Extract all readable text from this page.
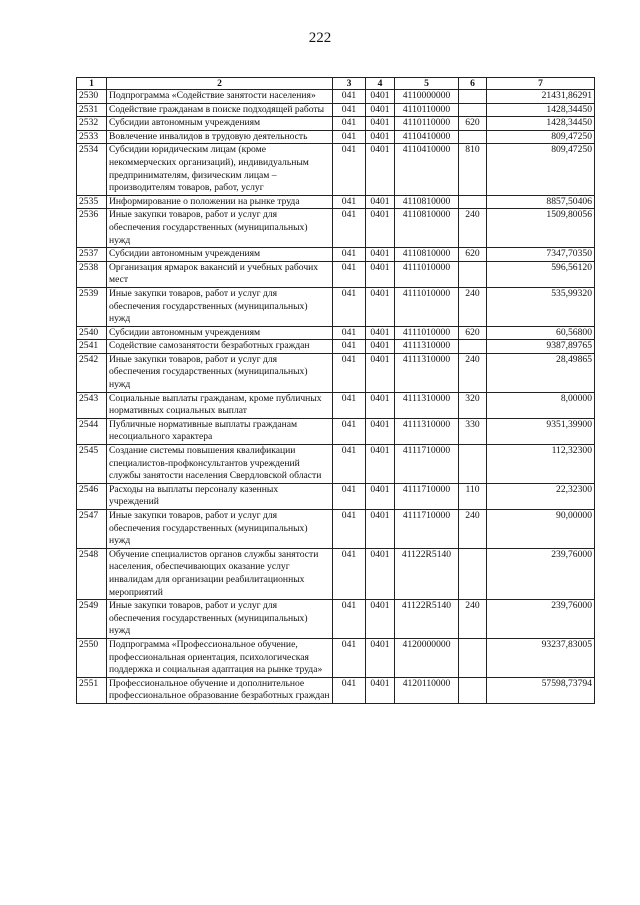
222
1	2	3	4	5	6	7
2530	Подпрограмма «Содействие занятости населения»	041	0401	4110000000		21431,86291
2531	Содействие гражданам в поиске подходящей работы	041	0401	4110110000		1428,34450
2532	Субсидии автономным учреждениям	041	0401	4110110000	620	1428,34450
2533	Вовлечение инвалидов в трудовую деятельность	041	0401	4110410000		809,47250
2534	Субсидии юридическим лицам (кроме некоммерческих организаций), индивидуальным предпринимателям, физическим лицам – производителям товаров, работ, услуг	041	0401	4110410000	810	809,47250
2535	Информирование о положении на рынке труда	041	0401	4110810000		8857,50406
2536	Иные закупки товаров, работ и услуг для обеспечения государственных (муниципальных) нужд	041	0401	4110810000	240	1509,80056
2537	Субсидии автономным учреждениям	041	0401	4110810000	620	7347,70350
2538	Организация ярмарок вакансий и учебных рабочих мест	041	0401	4111010000		596,56120
2539	Иные закупки товаров, работ и услуг для обеспечения государственных (муниципальных) нужд	041	0401	4111010000	240	535,99320
2540	Субсидии автономным учреждениям	041	0401	4111010000	620	60,56800
2541	Содействие самозанятости безработных граждан	041	0401	4111310000		9387,89765
2542	Иные закупки товаров, работ и услуг для обеспечения государственных (муниципальных) нужд	041	0401	4111310000	240	28,49865
2543	Социальные выплаты гражданам, кроме публичных нормативных социальных выплат	041	0401	4111310000	320	8,00000
2544	Публичные нормативные выплаты гражданам несоциального характера	041	0401	4111310000	330	9351,39900
2545	Создание системы повышения квалификации специалистов-профконсультантов учреждений службы занятости населения Свердловской области	041	0401	4111710000		112,32300
2546	Расходы на выплаты персоналу казенных учреждений	041	0401	4111710000	110	22,32300
2547	Иные закупки товаров, работ и услуг для обеспечения государственных (муниципальных) нужд	041	0401	4111710000	240	90,00000
2548	Обучение специалистов органов службы занятости населения, обеспечивающих оказание услуг инвалидам для организации реабилитационных мероприятий	041	0401	41122R5140		239,76000
2549	Иные закупки товаров, работ и услуг для обеспечения государственных (муниципальных) нужд	041	0401	41122R5140	240	239,76000
2550	Подпрограмма «Профессиональное обучение, профессиональная ориентация, психологическая поддержка и социальная адаптация на рынке труда»	041	0401	4120000000		93237,83005
2551	Профессиональное обучение и дополнительное профессиональное образование безработных граждан	041	0401	4120110000		57598,73794
